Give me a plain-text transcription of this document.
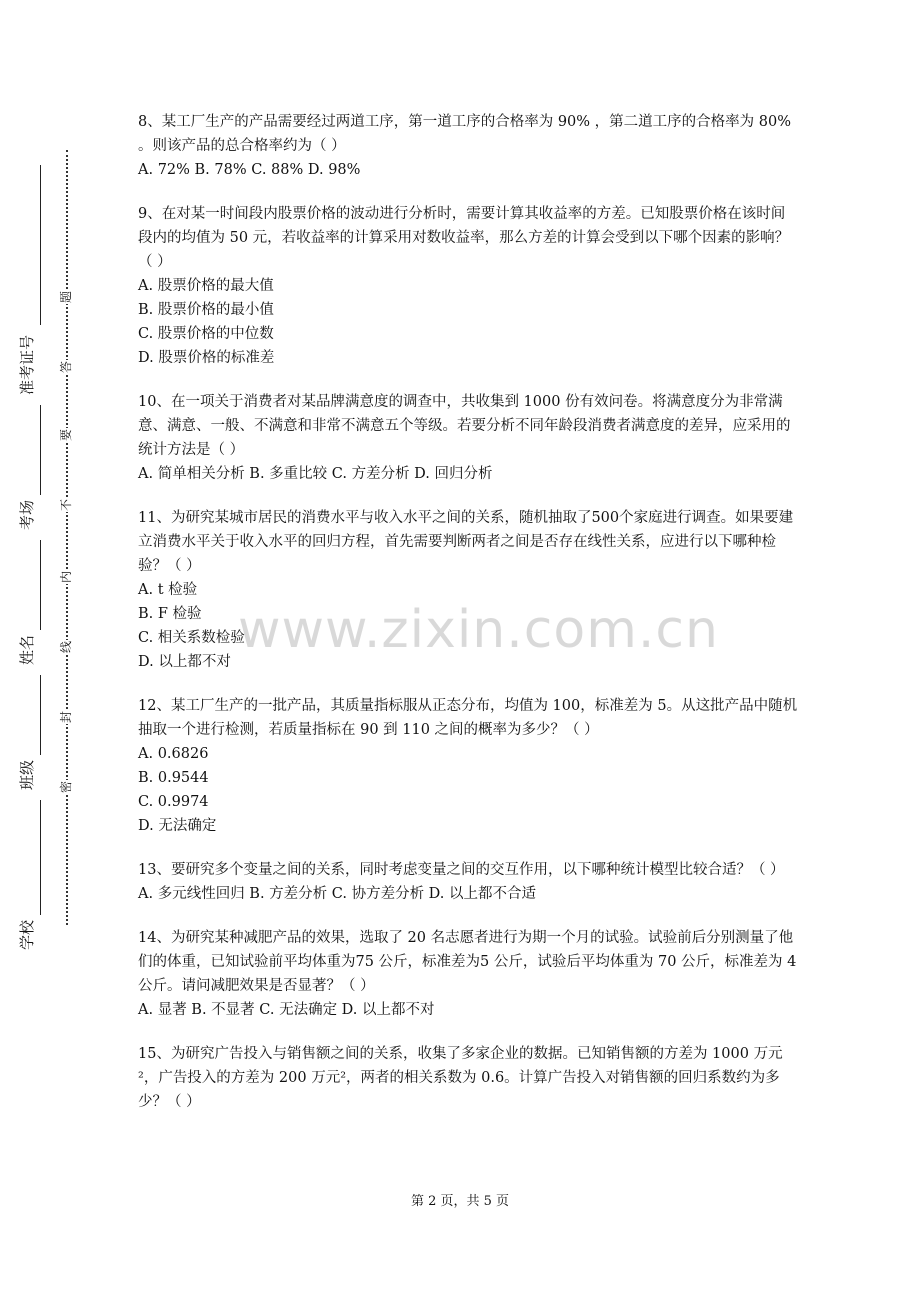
准考证号
考场
姓名
班级
学校
题
答
要
不
内
线
封
密
www.zixin.com.cn

8、某工厂生产的产品需要经过两道工序，第一道工序的合格率为 90% ，第二道工序的合格率为 80% 。则该产品的总合格率约为（ ）

A. 72% B. 78% C. 88% D. 98%

9、在对某一时间段内股票价格的波动进行分析时，需要计算其收益率的方差。已知股票价格在该时间段内的均值为 50 元，若收益率的计算采用对数收益率，那么方差的计算会受到以下哪个因素的影响？（ ）

A. 股票价格的最大值

B. 股票价格的最小值

C. 股票价格的中位数

D. 股票价格的标准差

10、在一项关于消费者对某品牌满意度的调查中，共收集到 1000 份有效问卷。将满意度分为非常满意、满意、一般、不满意和非常不满意五个等级。若要分析不同年龄段消费者满意度的差异，应采用的统计方法是（ ）

A. 简单相关分析 B. 多重比较 C. 方差分析 D. 回归分析

11、为研究某城市居民的消费水平与收入水平之间的关系，随机抽取了500个家庭进行调查。如果要建立消费水平关于收入水平的回归方程，首先需要判断两者之间是否存在线性关系，应进行以下哪种检验？（ ）

A. t 检验

B. F 检验

C. 相关系数检验

D. 以上都不对

12、某工厂生产的一批产品，其质量指标服从正态分布，均值为 100，标准差为 5。从这批产品中随机抽取一个进行检测，若质量指标在 90 到 110 之间的概率为多少？（ ）

A. 0.6826

B. 0.9544

C. 0.9974

D. 无法确定

13、要研究多个变量之间的关系，同时考虑变量之间的交互作用，以下哪种统计模型比较合适？（ ）

A. 多元线性回归 B. 方差分析 C. 协方差分析 D. 以上都不合适

14、为研究某种减肥产品的效果，选取了 20 名志愿者进行为期一个月的试验。试验前后分别测量了他们的体重，已知试验前平均体重为75 公斤，标准差为5 公斤，试验后平均体重为 70 公斤，标准差为 4 公斤。请问减肥效果是否显著？（ ）

A. 显著 B. 不显著 C. 无法确定 D. 以上都不对

15、为研究广告投入与销售额之间的关系，收集了多家企业的数据。已知销售额的方差为 1000 万元²，广告投入的方差为 200 万元²，两者的相关系数为 0.6。计算广告投入对销售额的回归系数约为多少？（ ）

第 2 页，共 5 页
